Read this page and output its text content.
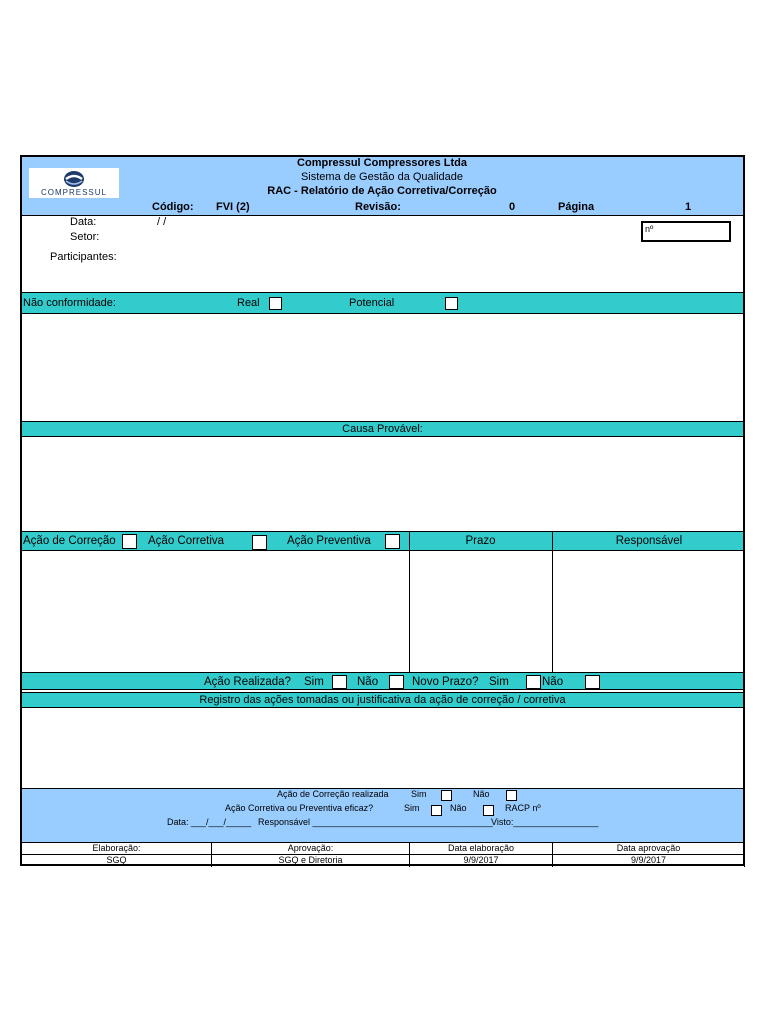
COMPRESSUL
Compressul Compressores Ltda
Sistema de Gestão da Qualidade
RAC - Relatório de Ação Corretiva/Correção
Código: FVI (2)	Revisão:	0	Página	1
Data:	/ /
Setor:
Participantes:
nº
Não conformidade:	Real	Potencial
Causa Provável:
Ação de Correção	Ação Corretiva	Ação Preventiva	Prazo	Responsável
Ação Realizada? Sim	Não	Novo Prazo? Sim	Não
Registro das ações tomadas ou justificativa da ação de correção / corretiva
Ação de Correção realizada Sim	Não
Ação Corretiva ou Preventiva eficaz?	Sim	Não	RACP nº
Data: ___/___/_____ Responsável ____________________________________
Visto:_________________
Elaboração:	Aprovação:	Data elaboração	Data aprovação
SGQ	SGQ e Diretoria	9/9/2017	9/9/2017
